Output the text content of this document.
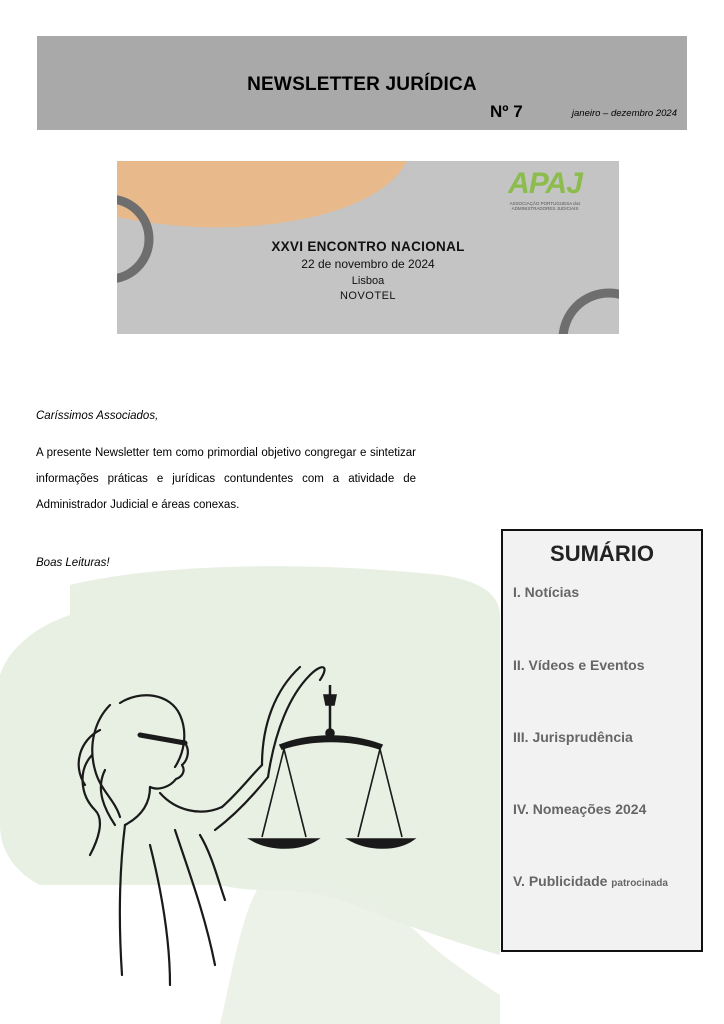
NEWSLETTER JURÍDICA
Nº 7	janeiro – dezembro 2024
APAJ
ASSOCIAÇÃO PORTUGUESA dos ADMINISTRADORES JUDICIAIS
XXVI ENCONTRO NACIONAL
22 de novembro de 2024
Lisboa
NOVOTEL
Caríssimos Associados,
A presente Newsletter tem como primordial objetivo congregar e sintetizar informações práticas e jurídicas contundentes com a atividade de Administrador Judicial e áreas conexas.
Boas Leituras!	SUMÁRIO
I. Notícias
II. Vídeos e Eventos
III. Jurisprudência
IV. Nomeações 2024
V. Publicidade patrocinada
